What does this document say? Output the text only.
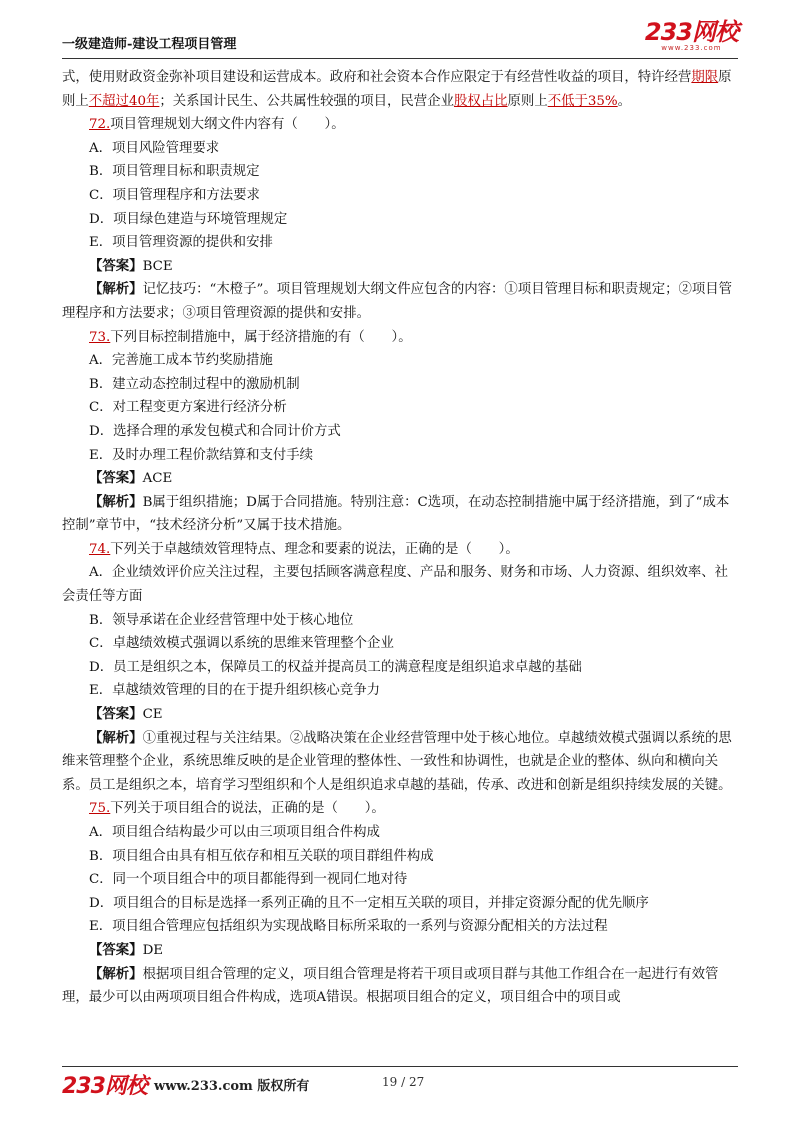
一级建造师-建设工程项目管理	233网校
www.233.com

式，使用财政资金弥补项目建设和运营成本。政府和社会资本合作应限定于有经营性收益的项目，特许经营期限原则上不超过40年；关系国计民生、公共属性较强的项目，民营企业股权占比原则上不低于35%。

72.项目管理规划大纲文件内容有（　　）。

A．项目风险管理要求

B．项目管理目标和职责规定

C．项目管理程序和方法要求

D．项目绿色建造与环境管理规定

E．项目管理资源的提供和安排

【答案】BCE

【解析】记忆技巧：“木橙子”。项目管理规划大纲文件应包含的内容：①项目管理目标和职责规定；②项目管理程序和方法要求；③项目管理资源的提供和安排。

73.下列目标控制措施中，属于经济措施的有（　　）。

A．完善施工成本节约奖励措施

B．建立动态控制过程中的激励机制

C．对工程变更方案进行经济分析

D．选择合理的承发包模式和合同计价方式

E．及时办理工程价款结算和支付手续

【答案】ACE

【解析】B属于组织措施；D属于合同措施。特别注意：C选项，在动态控制措施中属于经济措施，到了“成本控制”章节中，“技术经济分析”又属于技术措施。

74.下列关于卓越绩效管理特点、理念和要素的说法，正确的是（　　）。

A．企业绩效评价应关注过程，主要包括顾客满意程度、产品和服务、财务和市场、人力资源、组织效率、社会责任等方面

B．领导承诺在企业经营管理中处于核心地位

C．卓越绩效模式强调以系统的思维来管理整个企业

D．员工是组织之本，保障员工的权益并提高员工的满意程度是组织追求卓越的基础

E．卓越绩效管理的目的在于提升组织核心竞争力

【答案】CE

【解析】①重视过程与关注结果。②战略决策在企业经营管理中处于核心地位。卓越绩效模式强调以系统的思维来管理整个企业，系统思维反映的是企业管理的整体性、一致性和协调性，也就是企业的整体、纵向和横向关系。员工是组织之本，培育学习型组织和个人是组织追求卓越的基础，传承、改进和创新是组织持续发展的关键。

75.下列关于项目组合的说法，正确的是（　　）。

A．项目组合结构最少可以由三项项目组合件构成

B．项目组合由具有相互依存和相互关联的项目群组件构成

C．同一个项目组合中的项目都能得到一视同仁地对待

D．项目组合的目标是选择一系列正确的且不一定相互关联的项目，并排定资源分配的优先顺序

E．项目组合管理应包括组织为实现战略目标所采取的一系列与资源分配相关的方法过程

【答案】DE

【解析】根据项目组合管理的定义，项目组合管理是将若干项目或项目群与其他工作组合在一起进行有效管理，最少可以由两项项目组合件构成，选项A错误。根据项目组合的定义，项目组合中的项目或

233网校 www.233.com 版权所有	19 / 27
